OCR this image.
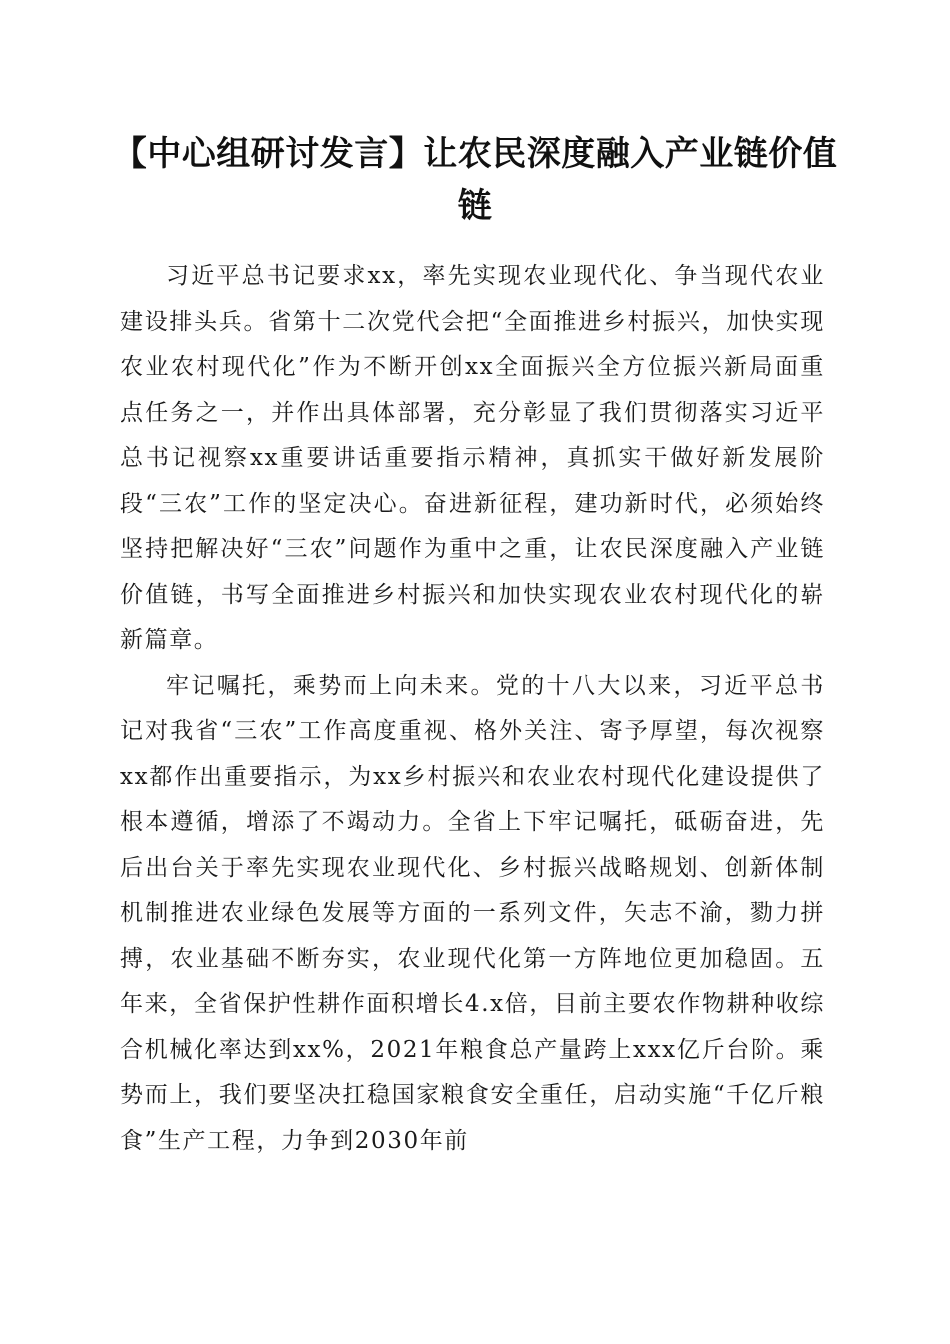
【中心组研讨发言】让农民深度融入产业链价值链

习近平总书记要求xx，率先实现农业现代化、争当现代农业建设排头兵。省第十二次党代会把“全面推进乡村振兴，加快实现农业农村现代化”作为不断开创xx全面振兴全方位振兴新局面重点任务之一，并作出具体部署，充分彰显了我们贯彻落实习近平总书记视察xx重要讲话重要指示精神，真抓实干做好新发展阶段“三农”工作的坚定决心。奋进新征程，建功新时代，必须始终坚持把解决好“三农”问题作为重中之重，让农民深度融入产业链价值链，书写全面推进乡村振兴和加快实现农业农村现代化的崭新篇章。

牢记嘱托，乘势而上向未来。党的十八大以来，习近平总书记对我省“三农”工作高度重视、格外关注、寄予厚望，每次视察xx都作出重要指示，为xx乡村振兴和农业农村现代化建设提供了根本遵循，增添了不竭动力。全省上下牢记嘱托，砥砺奋进，先后出台关于率先实现农业现代化、乡村振兴战略规划、创新体制机制推进农业绿色发展等方面的一系列文件，矢志不渝，勠力拼搏，农业基础不断夯实，农业现代化第一方阵地位更加稳固。五年来，全省保护性耕作面积增长4.x倍，目前主要农作物耕种收综合机械化率达到xx%，2021年粮食总产量跨上xxx亿斤台阶。乘势而上，我们要坚决扛稳国家粮食安全重任，启动实施“千亿斤粮食”生产工程，力争到2030年前
